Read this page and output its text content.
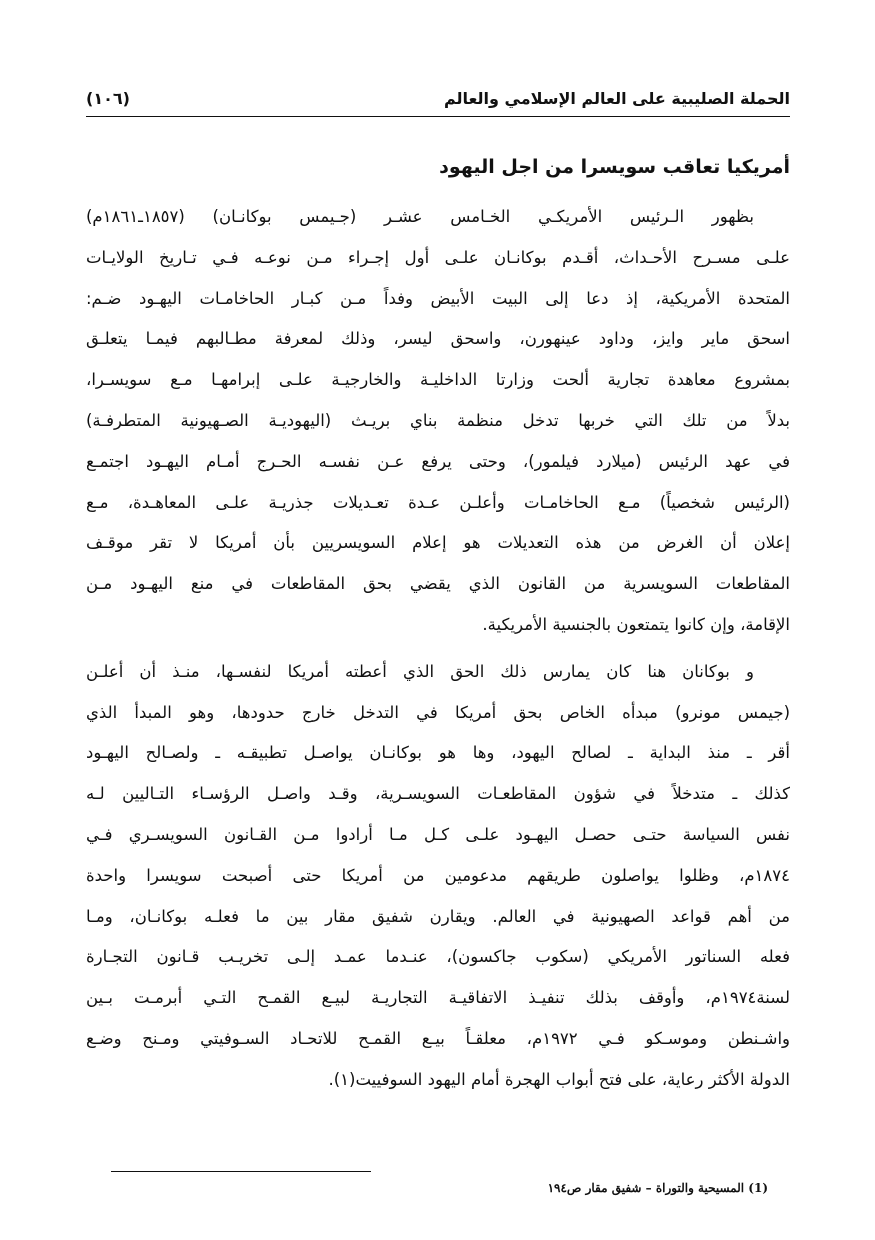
الحملة الصليبية على العالم الإسلامي والعالم
(١٠٦)
أمريكيا تعاقب سويسرا من اجل اليهود
بظهور الـرئيس الأمريكـي الخـامس عشـر (جـيمس بوكانـان) (١٨٥٧ـ١٨٦١م)
علـى مسـرح الأحـداث، أقـدم بوكانـان علـى أول إجـراء مـن نوعـه فـي تـاريخ الولايـات
المتحدة الأمريكية، إذ دعا إلى البيت الأبيض وفداً مـن كبـار الحاخامـات اليهـود ضـم:
اسحق ماير وايز، وداود عينهورن، واسحق ليسر، وذلك لمعرفة مطـالبهم فيمـا يتعلـق
بمشروع معاهدة تجارية ألحت وزارتا الداخليـة والخارجيـة علـى إبرامهـا مـع سويسـرا،
بدلاً من تلك التي خربها تدخل منظمة بناي بريـث (اليهوديـة الصـهيونية المتطرفـة)
في عهد الرئيس (ميلارد فيلمور)، وحتى يرفع عـن نفسـه الحـرج أمـام اليهـود اجتمـع
(الرئيس شخصياً) مـع الحاخامـات وأعلـن عـدة تعـديلات جذريـة علـى المعاهـدة، مـع
إعلان أن الغرض من هذه التعديلات هو إعلام السويسريين بأن أمريكا لا تقر موقـف
المقاطعات السويسرية من القانون الذي يقضي بحق المقاطعات في منع اليهـود مـن
الإقامة، وإن كانوا يتمتعون بالجنسية الأمريكية.
و بوكانان هنا كان يمارس ذلك الحق الذي أعطته أمريكا لنفسـها، منـذ أن أعلـن
(جيمس مونرو) مبدأه الخاص بحق أمريكا في التدخل خارج حدودها، وهو المبدأ الذي
أقر ـ منذ البداية ـ لصالح اليهود، وها هو بوكانـان يواصـل تطبيقـه ـ ولصـالح اليهـود
كذلك ـ متدخلاً في شؤون المقاطعـات السويسـرية، وقـد واصـل الرؤسـاء التـاليين لـه
نفس السياسة حتـى حصـل اليهـود علـى كـل مـا أرادوا مـن القـانون السويسـري فـي
١٨٧٤م، وظلوا يواصلون طريقهم مدعومين من أمريكا حتى أصبحت سويسرا واحدة
من أهم قواعد الصهيونية في العالم. ويقارن شفيق مقار بين ما فعلـه بوكانـان، ومـا
فعله السناتور الأمريكي (سكوب جاكسون)، عنـدما عمـد إلـى تخريـب قـانون التجـارة
لسنة١٩٧٤م، وأوقف بذلك تنفيـذ الاتفاقيـة التجاريـة لبيـع القمـح التـي أبرمـت بـين
واشـنطن وموسـكو فـي ١٩٧٢م، معلقـاً بيـع القمـح للاتحـاد السـوفيتي ومـنح وضـع
الدولة الأكثر رعاية، على فتح أبواب الهجرة أمام اليهود السوفييت(١).
(1) المسيحية والتوراة – شفيق مقار ص١٩٤
